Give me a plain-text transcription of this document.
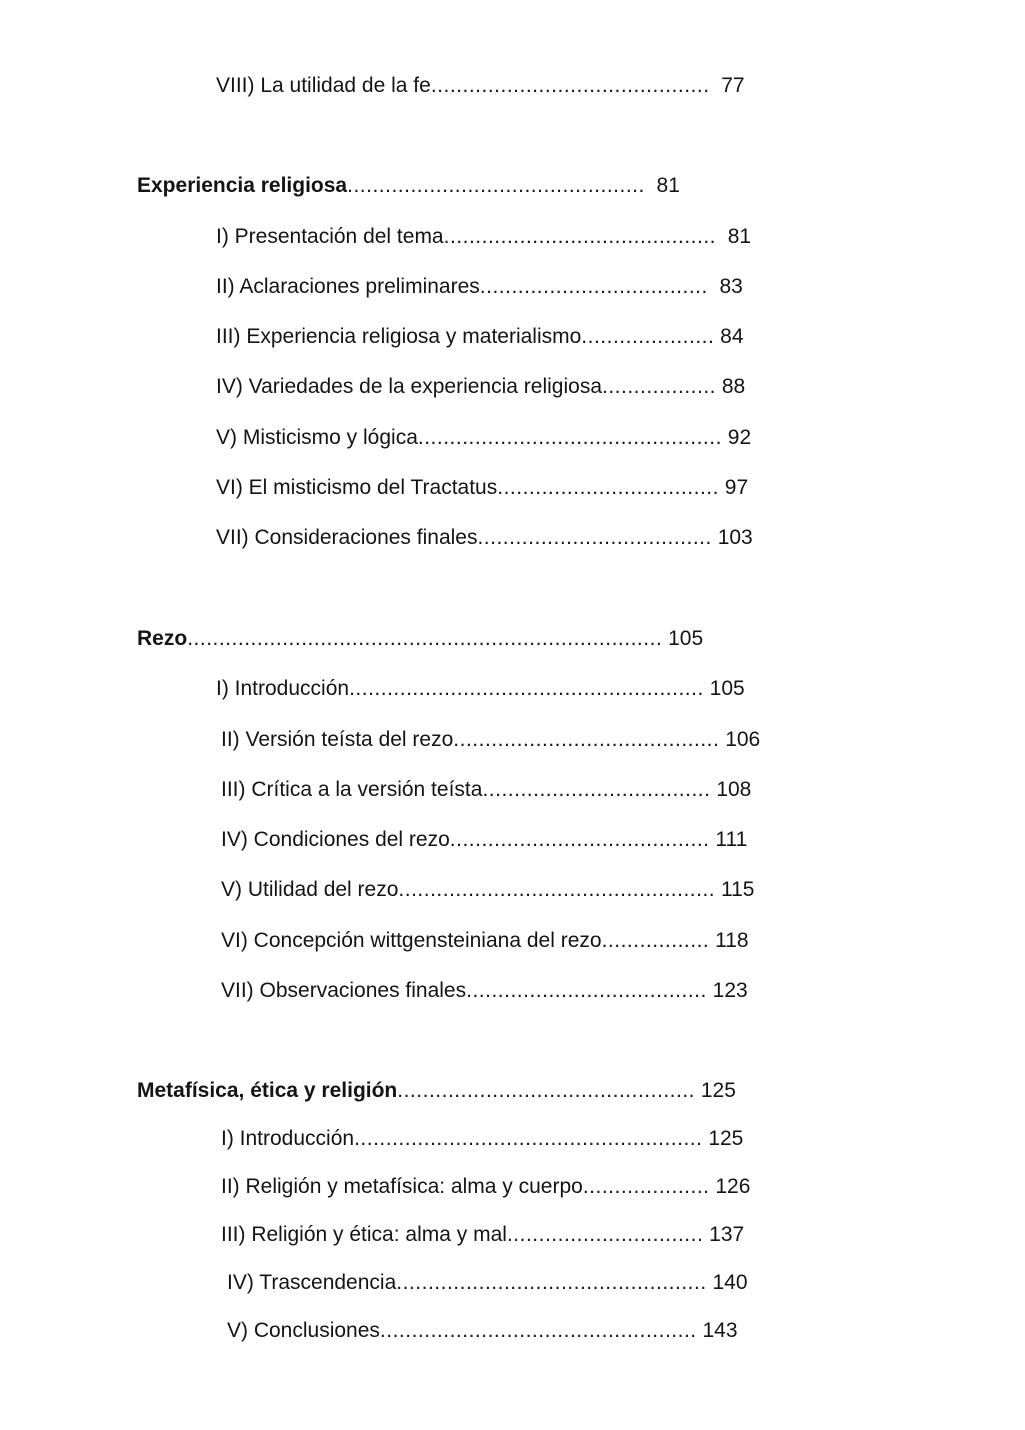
VIII) La utilidad de la fe............................................ 77
Experiencia religiosa............................................... 81
I) Presentación del tema........................................... 81
II) Aclaraciones preliminares.................................... 83
III) Experiencia religiosa y materialismo..................... 84
IV) Variedades de la experiencia religiosa.................. 88
V) Misticismo y lógica................................................ 92
VI) El misticismo del Tractatus................................... 97
VII) Consideraciones finales..................................... 103
Rezo........................................................................... 105
I) Introducción........................................................ 105
II) Versión teísta del rezo.......................................... 106
III) Crítica a la versión teísta.................................... 108
IV) Condiciones del rezo......................................... 111
V) Utilidad del rezo.................................................. 115
VI) Concepción wittgensteiniana del rezo................. 118
VII) Observaciones finales...................................... 123
Metafísica, ética y religión............................................... 125
I) Introducción....................................................... 125
II) Religión y metafísica: alma y cuerpo.................... 126
III) Religión y ética: alma y mal............................... 137
IV) Trascendencia................................................. 140
V) Conclusiones.................................................. 143
